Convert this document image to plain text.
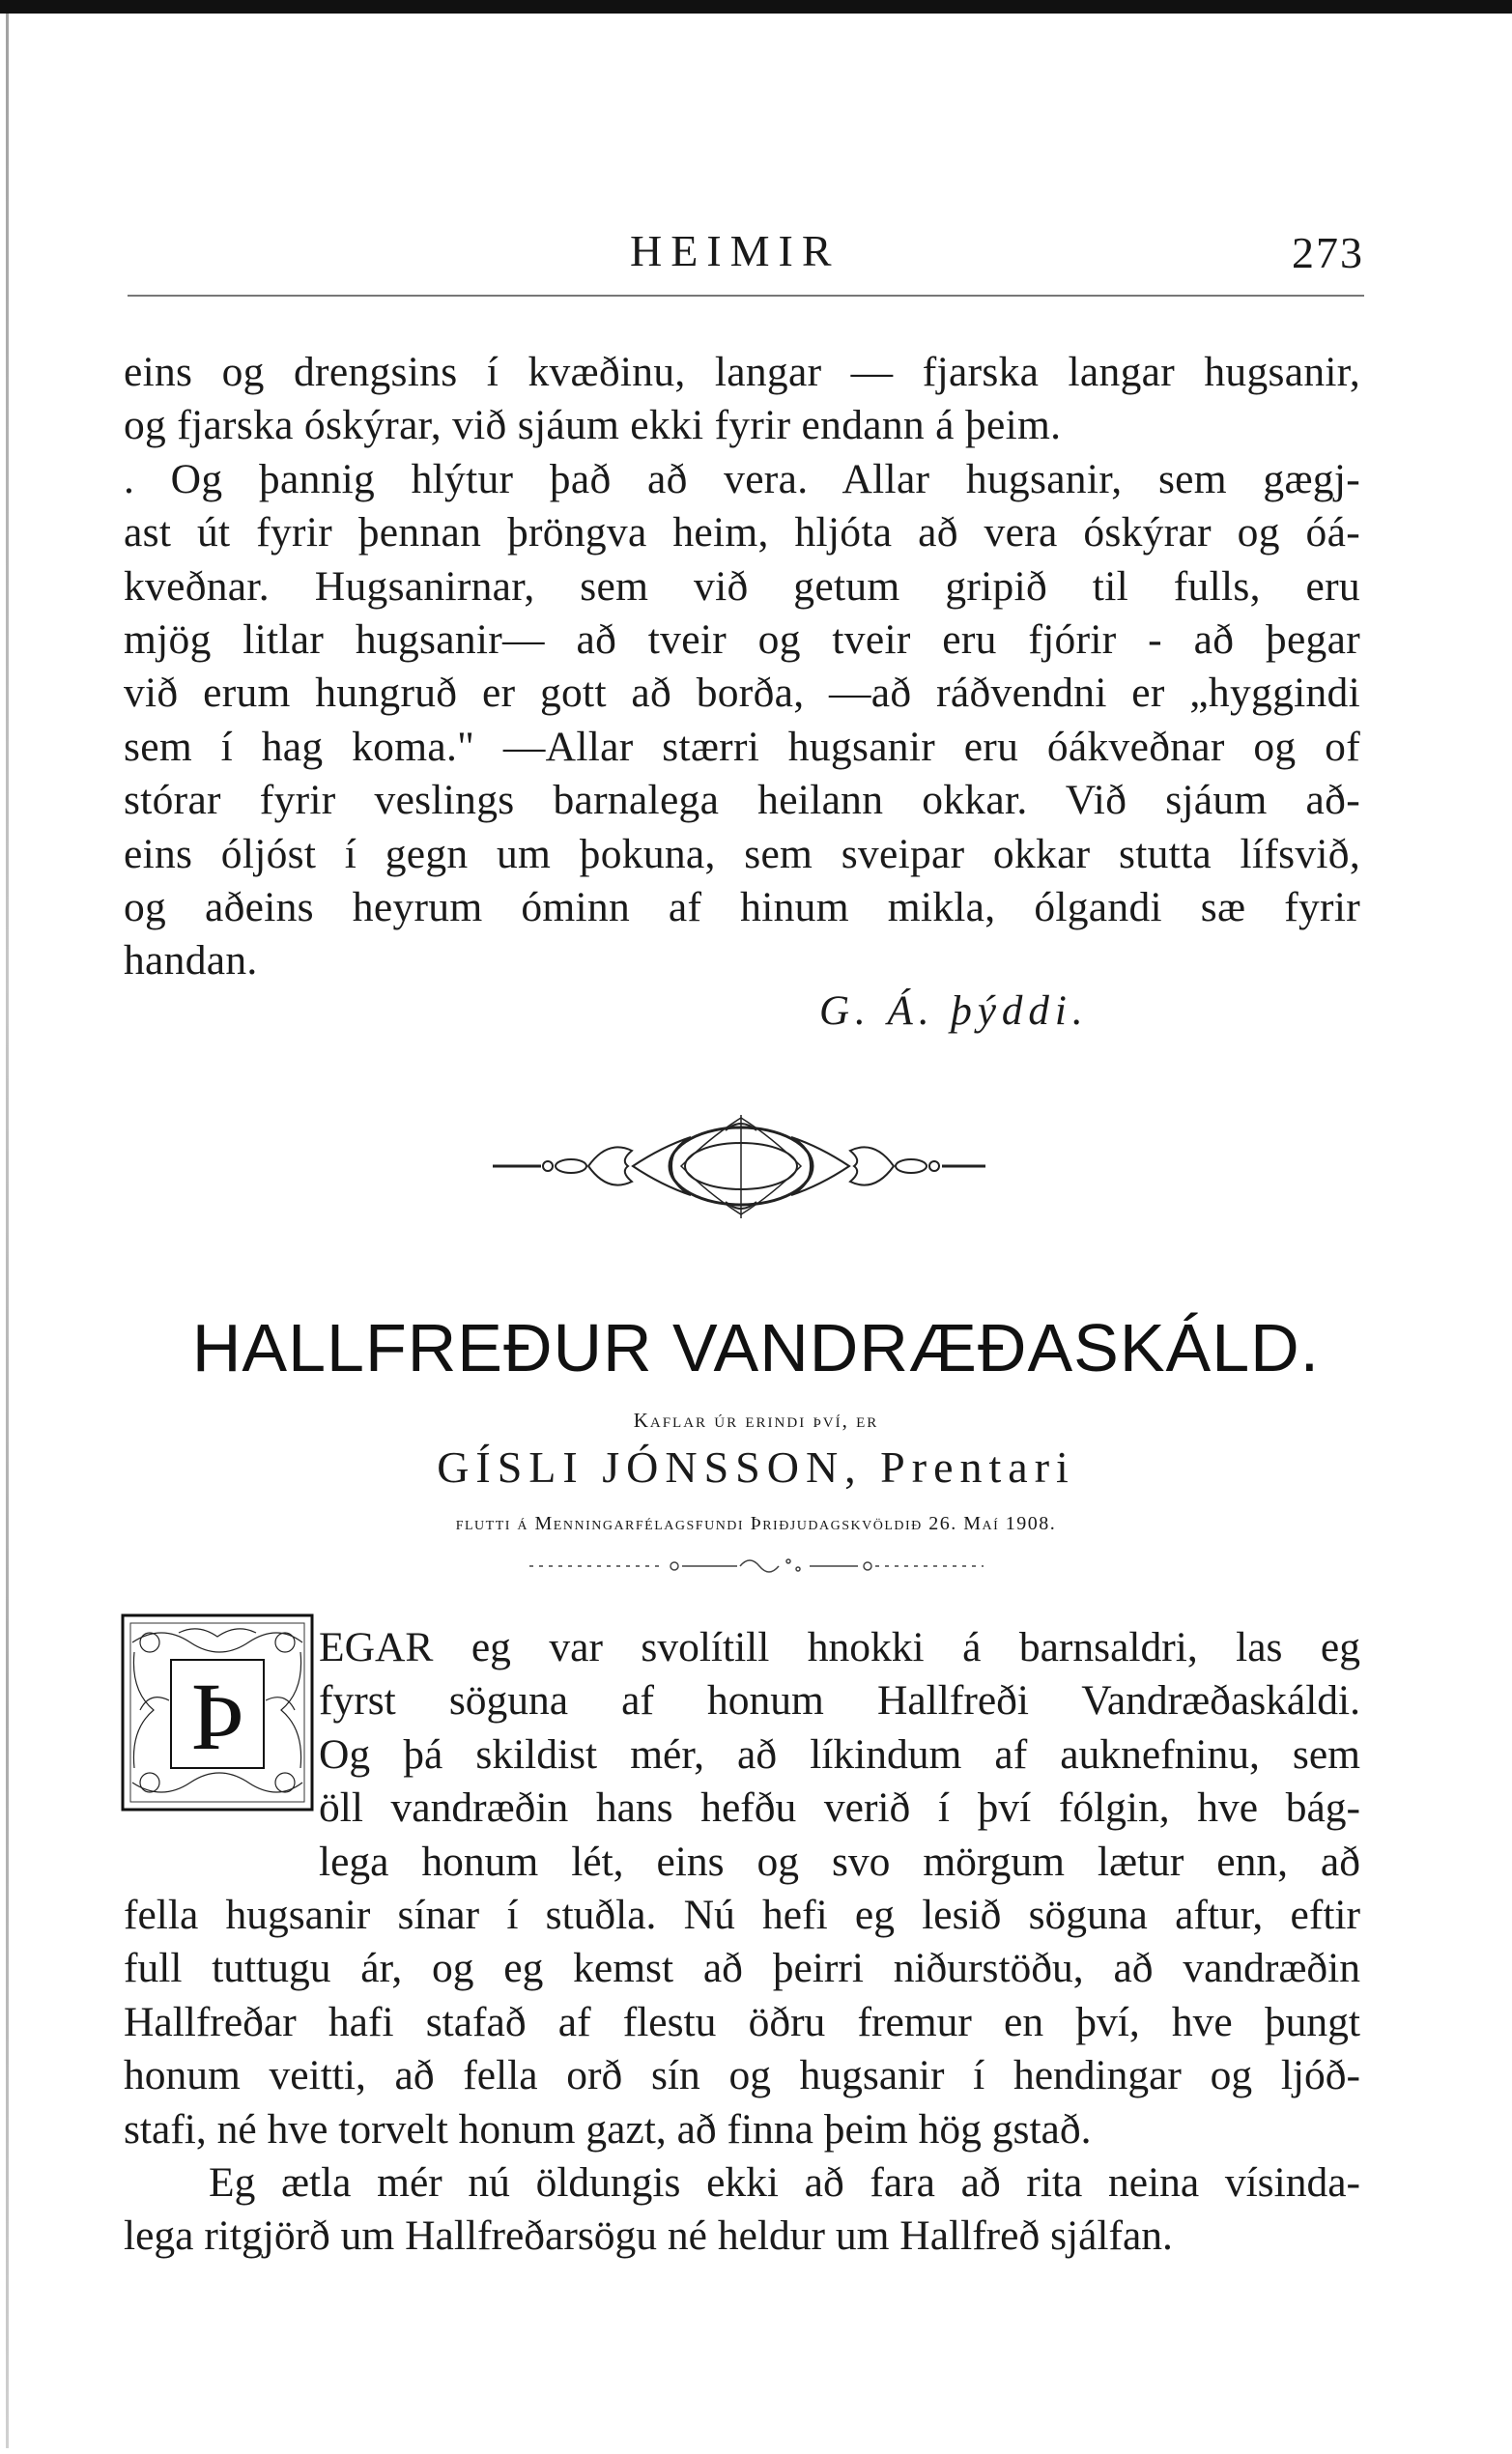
HEIMIR	273
eins og drengsins í kvæðinu, langar — fjarska langar hugsanir,
og fjarska óskýrar, við sjáum ekki fyrir endann á þeim.
. Og þannig hlýtur það að vera. Allar hugsanir, sem gægj-
ast út fyrir þennan þröngva heim, hljóta að vera óskýrar og óá-
kveðnar. Hugsanirnar, sem við getum gripið til fulls, eru
mjög litlar hugsanir— að tveir og tveir eru fjórir - að þegar
við erum hungruð er gott að borða, —að ráðvendni er „hyggindi
sem í hag koma." —Allar stærri hugsanir eru óákveðnar og of
stórar fyrir veslings barnalega heilann okkar. Við sjáum að-
eins óljóst í gegn um þokuna, sem sveipar okkar stutta lífsvið,
og aðeins heyrum óminn af hinum mikla, ólgandi sæ fyrir
handan.
G. Á. þýddi.
HALLFREÐUR VANDRÆÐASKÁLD.
Kaflar úr erindi því, er
GÍSLI JÓNSSON, Prentari
flutti á Menningarfélagsfundi Þriðjudagskvöldið 26. Maí 1908.
Þ
EGAR eg var svolítill hnokki á barnsaldri, las eg
fyrst söguna af honum Hallfreði Vandræðaskáldi.
Og þá skildist mér, að líkindum af auknefninu, sem
öll vandræðin hans hefðu verið í því fólgin, hve bág-
lega honum lét, eins og svo mörgum lætur enn, að
fella hugsanir sínar í stuðla. Nú hefi eg lesið söguna aftur, eftir
full tuttugu ár, og eg kemst að þeirri niðurstöðu, að vandræðin
Hallfreðar hafi stafað af flestu öðru fremur en því, hve þungt
honum veitti, að fella orð sín og hugsanir í hendingar og ljóð-
stafi, né hve torvelt honum gazt, að finna þeim hög gstað.
Eg ætla mér nú öldungis ekki að fara að rita neina vísinda-
lega ritgjörð um Hallfreðarsögu né heldur um Hallfreð sjálfan.
